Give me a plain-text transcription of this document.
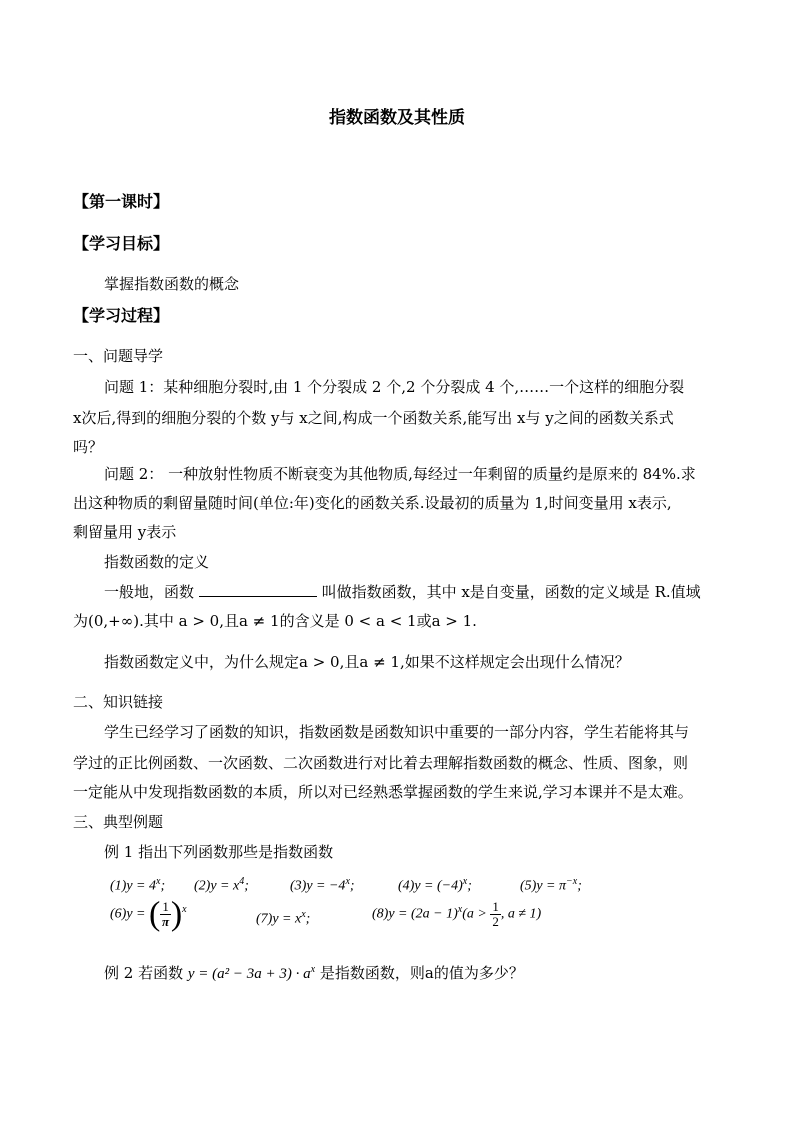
指数函数及其性质
【第一课时】
【学习目标】
掌握指数函数的概念
【学习过程】
一、问题导学
问题 1：某种细胞分裂时,由 1 个分裂成 2 个,2 个分裂成 4 个,……一个这样的细胞分裂
x次后,得到的细胞分裂的个数 y与 x之间,构成一个函数关系,能写出 x与 y之间的函数关系式
吗？
问题 2： 一种放射性物质不断衰变为其他物质,每经过一年剩留的质量约是原来的 84%.求
出这种物质的剩留量随时间(单位:年)变化的函数关系.设最初的质量为 1,时间变量用 x表示,
剩留量用 y表示
指数函数的定义
一般地，函数	叫做指数函数，其中 x是自变量，函数的定义域是 R.值域
为(0,+∞).其中 a > 0,且a ≠ 1的含义是 0 < a < 1或a > 1.
指数函数定义中，为什么规定a > 0,且a ≠ 1,如果不这样规定会出现什么情况？
二、知识链接
学生已经学习了函数的知识，指数函数是函数知识中重要的一部分内容，学生若能将其与
学过的正比例函数、一次函数、二次函数进行对比着去理解指数函数的概念、性质、图象，则
一定能从中发现指数函数的本质，所以对已经熟悉掌握函数的学生来说,学习本课并不是太难。
三、典型例题
例 1 指出下列函数那些是指数函数
$(1)y = 4^x$; $(2)y = x^4$;	$(3)y = -4^x$;	$(4)y = (-4)^x$;	$(5)y = \pi^{-x}$;
(6)y = ( $\frac{1}{\pi} )^x$
$(7)y = x^x$;	$(8)y = (2a - 1)^x(a > \frac{1}{2}$ , a ≠ 1)
例 2 若函数 $y = (a^2 - 3a + 3) \cdot a^x$ 是指数函数，则a的值为多少？
